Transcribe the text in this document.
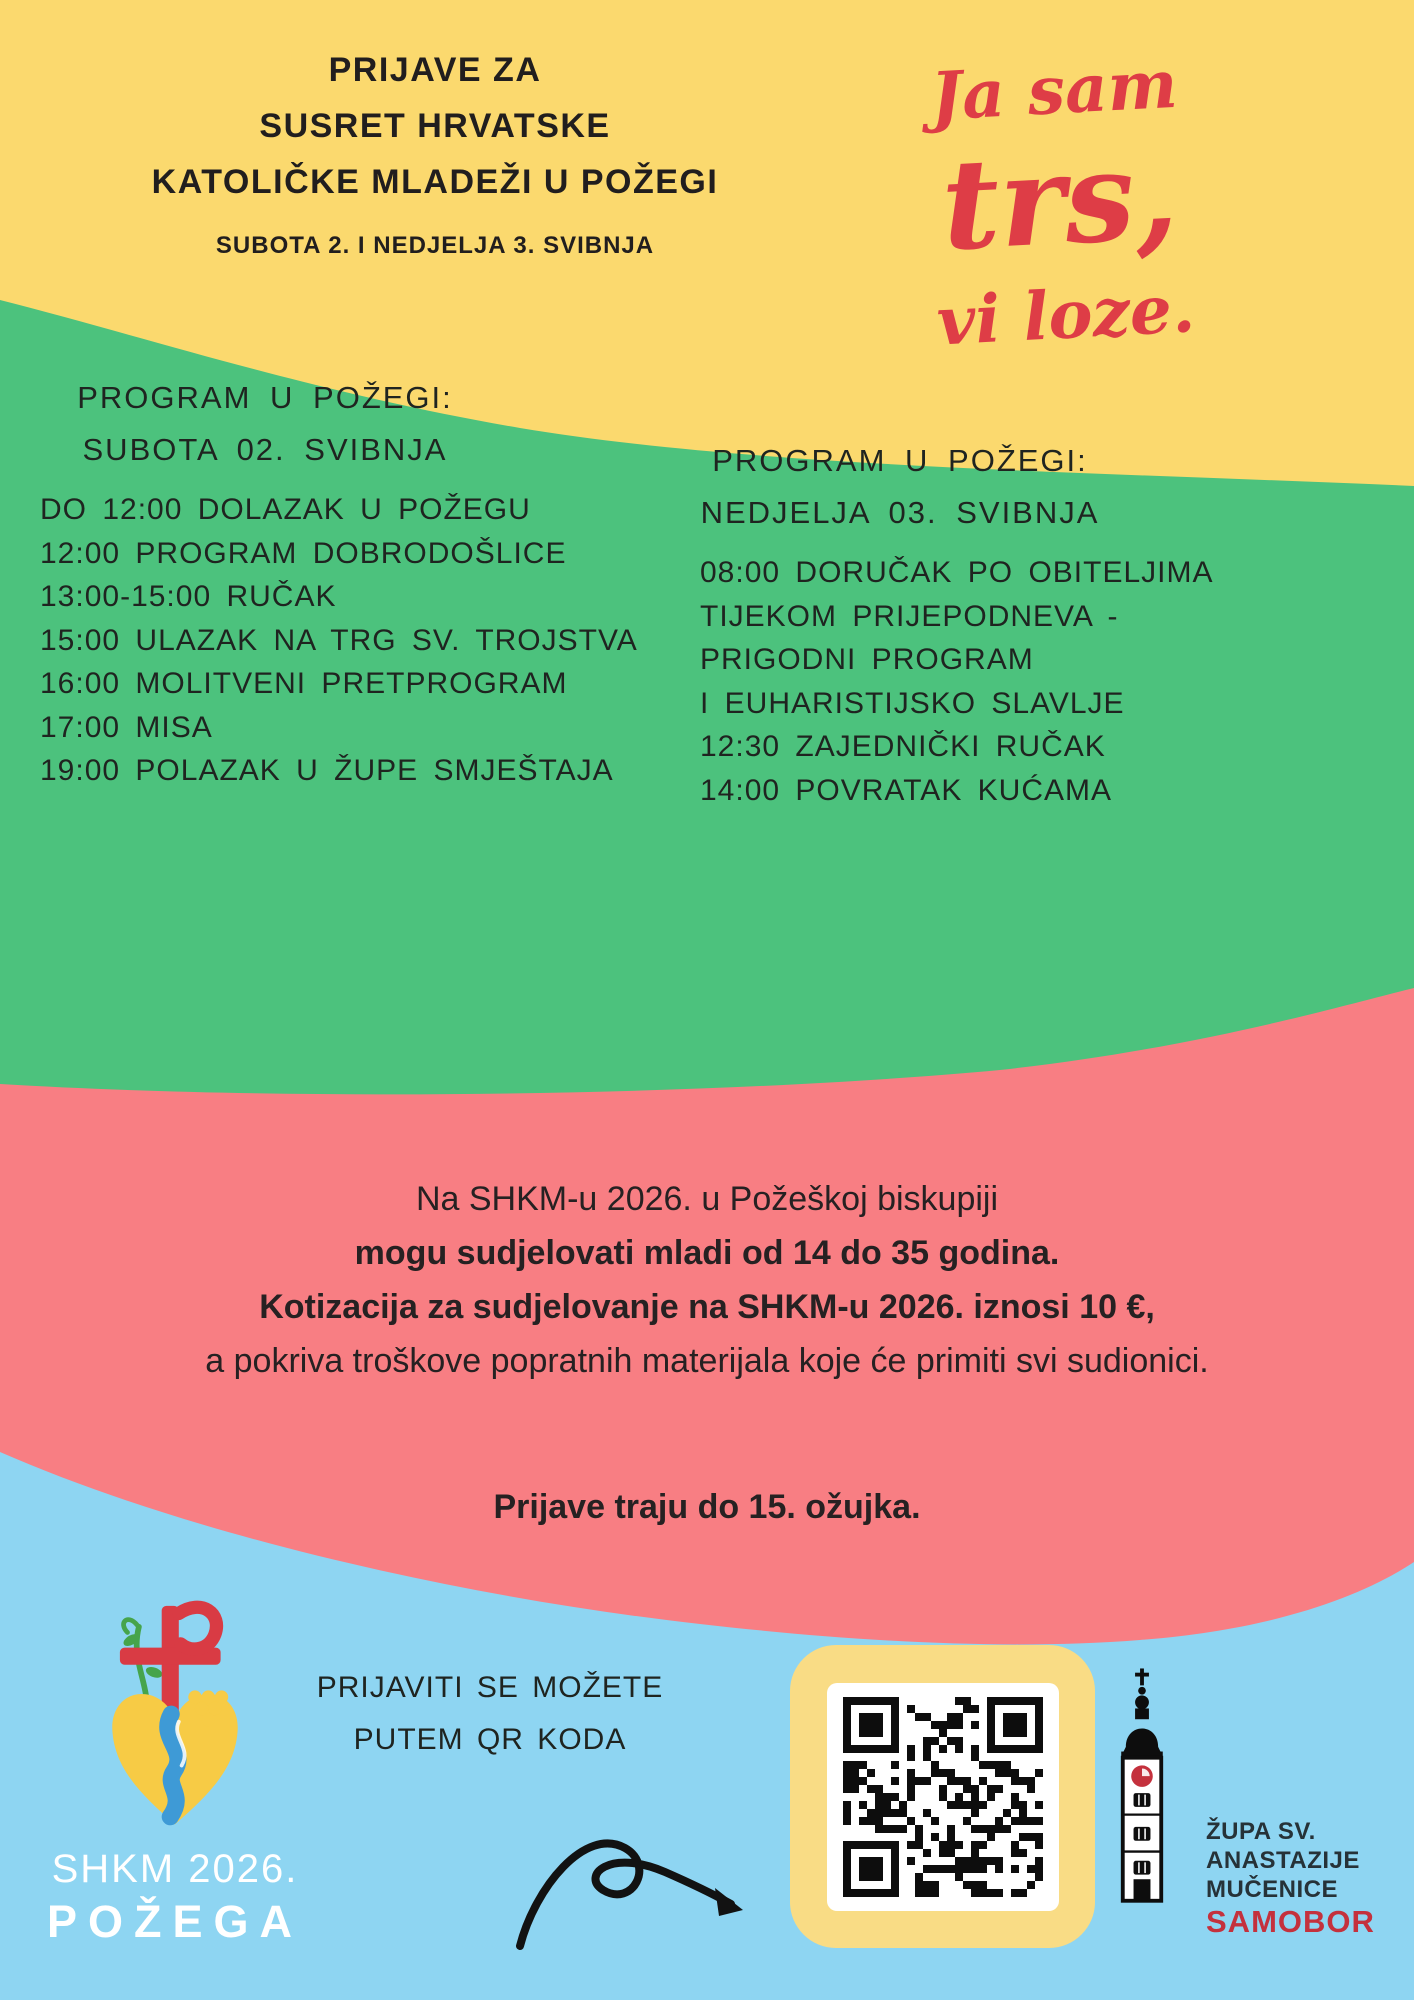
PRIJAVE ZA
SUSRET HRVATSKE
KATOLIČKE MLADEŽI U POŽEGI
SUBOTA 2. I NEDJELJA 3. SVIBNJA
Ja sam
trs,
vi loze.
PROGRAM U POŽEGI:
SUBOTA 02. SVIBNJA
DO 12:00 DOLAZAK U POŽEGU
12:00 PROGRAM DOBRODOŠLICE
13:00-15:00 RUČAK
15:00 ULAZAK NA TRG SV. TROJSTVA
16:00 MOLITVENI PRETPROGRAM
17:00 MISA
19:00 POLAZAK U ŽUPE SMJEŠTAJA
PROGRAM U POŽEGI:
NEDJELJA 03. SVIBNJA
08:00 DORUČAK PO OBITELJIMA
TIJEKOM PRIJEPODNEVA -
PRIGODNI PROGRAM
I EUHARISTIJSKO SLAVLJE
12:30 ZAJEDNIČKI RUČAK
14:00 POVRATAK KUĆAMA
Na SHKM-u 2026. u Požeškoj biskupiji
mogu sudjelovati mladi od 14 do 35 godina.
Kotizacija za sudjelovanje na SHKM-u 2026. iznosi 10 €,
a pokriva troškove popratnih materijala koje će primiti svi sudionici.
Prijave traju do 15. ožujka.
SHKM 2026.
POŽEGA
PRIJAVITI SE MOŽETE
PUTEM QR KODA
ŽUPA SV.
ANASTAZIJE
MUČENICE
SAMOBOR
